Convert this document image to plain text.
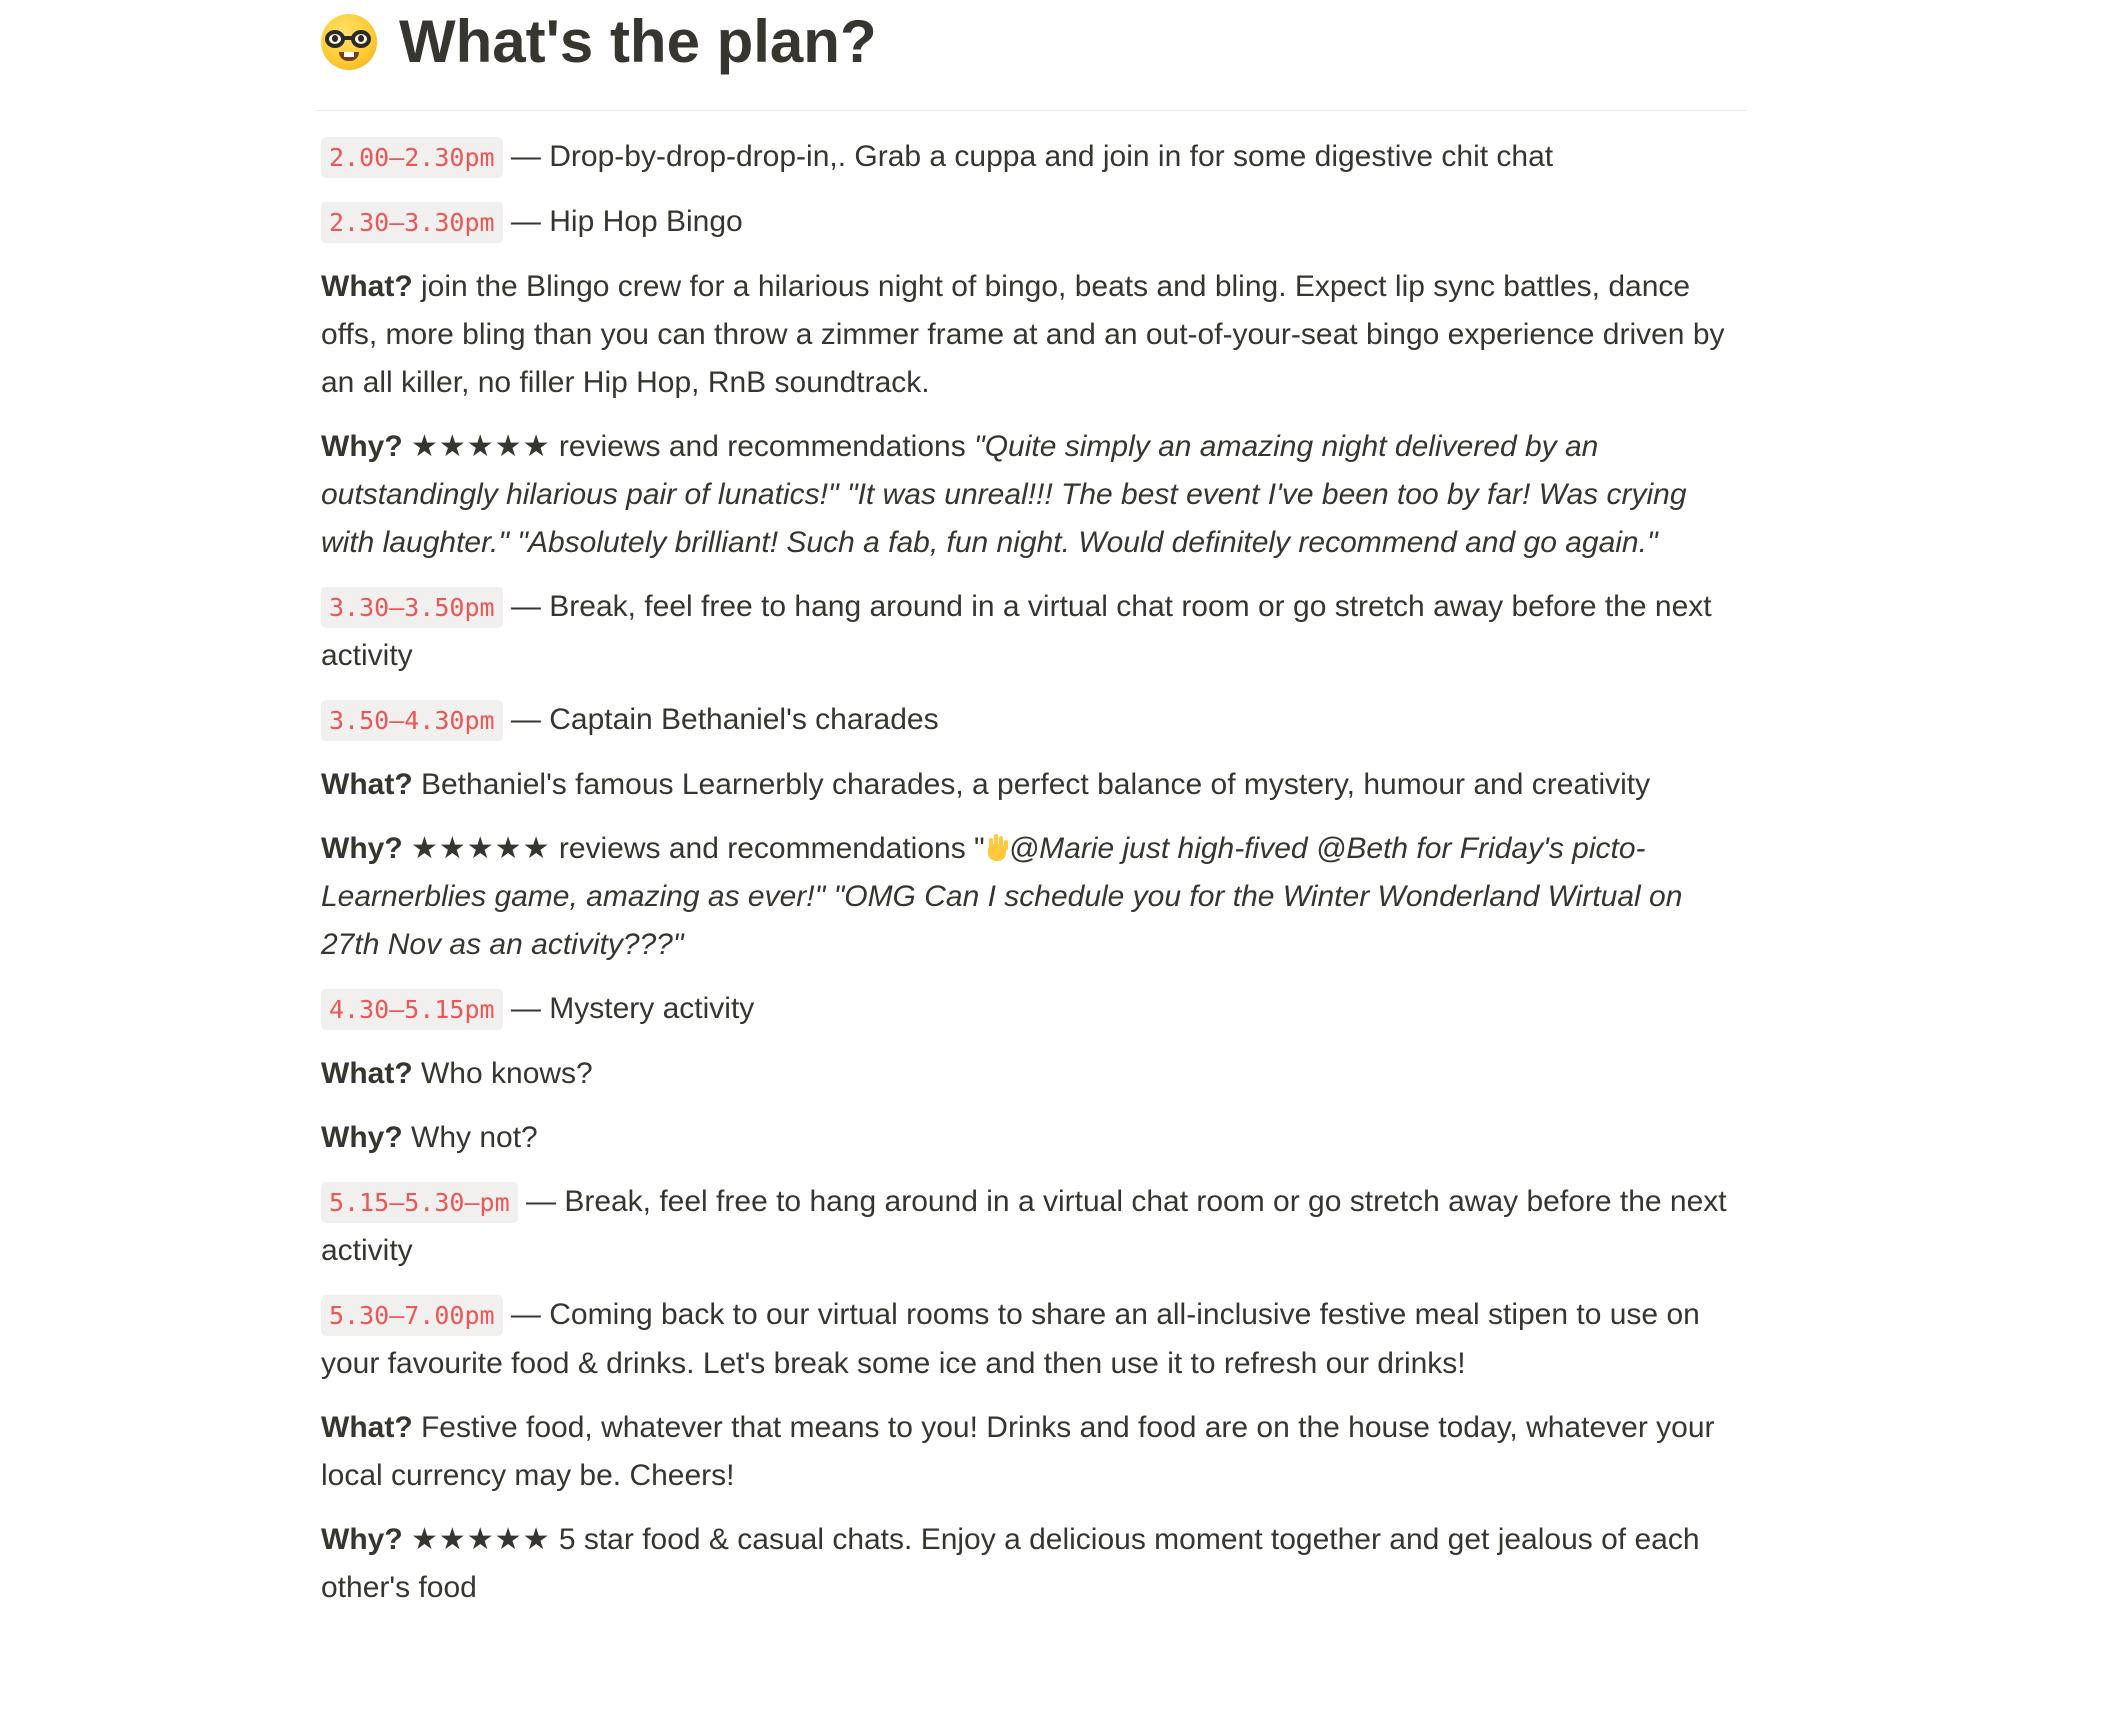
What's the plan?
2.00–2.30pm — Drop-by-drop-drop-in,. Grab a cuppa and join in for some digestive chit chat
2.30–3.30pm — Hip Hop Bingo
What? join the Blingo crew for a hilarious night of bingo, beats and bling. Expect lip sync battles, dance offs, more bling than you can throw a zimmer frame at and an out-of-your-seat bingo experience driven by an all killer, no filler Hip Hop, RnB soundtrack.
Why? ★★★★★ reviews and recommendations "Quite simply an amazing night delivered by an outstandingly hilarious pair of lunatics!" "It was unreal!!! The best event I've been too by far! Was crying with laughter." "Absolutely brilliant! Such a fab, fun night. Would definitely recommend and go again."
3.30–3.50pm — Break, feel free to hang around in a virtual chat room or go stretch away before the next activity
3.50–4.30pm — Captain Bethaniel's charades
What? Bethaniel's famous Learnerbly charades, a perfect balance of mystery, humour and creativity
Why? ★★★★★ reviews and recommendations " @Marie just high-fived @Beth for Friday's picto-Learnerblies game, amazing as ever!" "OMG Can I schedule you for the Winter Wonderland Wirtual on 27th Nov as an activity???"
4.30–5.15pm — Mystery activity
What? Who knows?
Why? Why not?
5.15–5.30–pm — Break, feel free to hang around in a virtual chat room or go stretch away before the next activity
5.30–7.00pm — Coming back to our virtual rooms to share an all-inclusive festive meal stipen to use on your favourite food & drinks. Let's break some ice and then use it to refresh our drinks!
What? Festive food, whatever that means to you! Drinks and food are on the house today, whatever your local currency may be. Cheers!
Why? ★★★★★ 5 star food & casual chats. Enjoy a delicious moment together and get jealous of each other's food
